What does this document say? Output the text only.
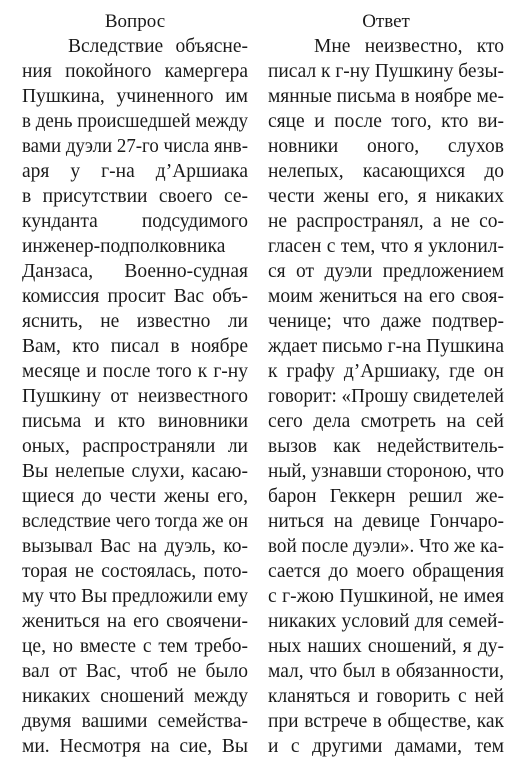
Вопрос
Вследствие объясне-
ния покойного камергера
Пушкина, учиненного им
в день происшедшей между
вами дуэли 27-го числа янв-
аря у г-на д’Аршиака
в присутствии своего се-
кунданта подсудимого
инженер-подполковника
Данзаса, Военно-судная
комиссия просит Вас объ-
яснить, не известно ли
Вам, кто писал в ноябре
месяце и после того к г-ну
Пушкину от неизвестного
письма и кто виновники
оных, распространяли ли
Вы нелепые слухи, касаю-
щиеся до чести жены его,
вследствие чего тогда же он
вызывал Вас на дуэль, ко-
торая не состоялась, пото-
му что Вы предложили ему
жениться на его своячени-
це, но вместе с тем требо-
вал от Вас, чтоб не было
никаких сношений между
двумя вашими семейства-
ми. Несмотря на сие, Вы
Ответ
Мне неизвестно, кто
писал к г-ну Пушкину безы-
мянные письма в ноябре ме-
сяце и после того, кто ви-
новники оного, слухов
нелепых, касающихся до
чести жены его, я никаких
не распространял, а не со-
гласен с тем, что я уклонил-
ся от дуэли предложением
моим жениться на его своя-
ченице; что даже подтвер-
ждает письмо г-на Пушкина
к графу д’Аршиаку, где он
говорит: «Прошу свидетелей
сего дела смотреть на сей
вызов как недействитель-
ный, узнавши стороною, что
барон Геккерн решил же-
ниться на девице Гончаро-
вой после дуэли». Что же ка-
сается до моего обращения
с г-жою Пушкиной, не имея
никаких условий для семей-
ных наших сношений, я ду-
мал, что был в обязанности,
кланяться и говорить с ней
при встрече в обществе, как
и с другими дамами, тем
